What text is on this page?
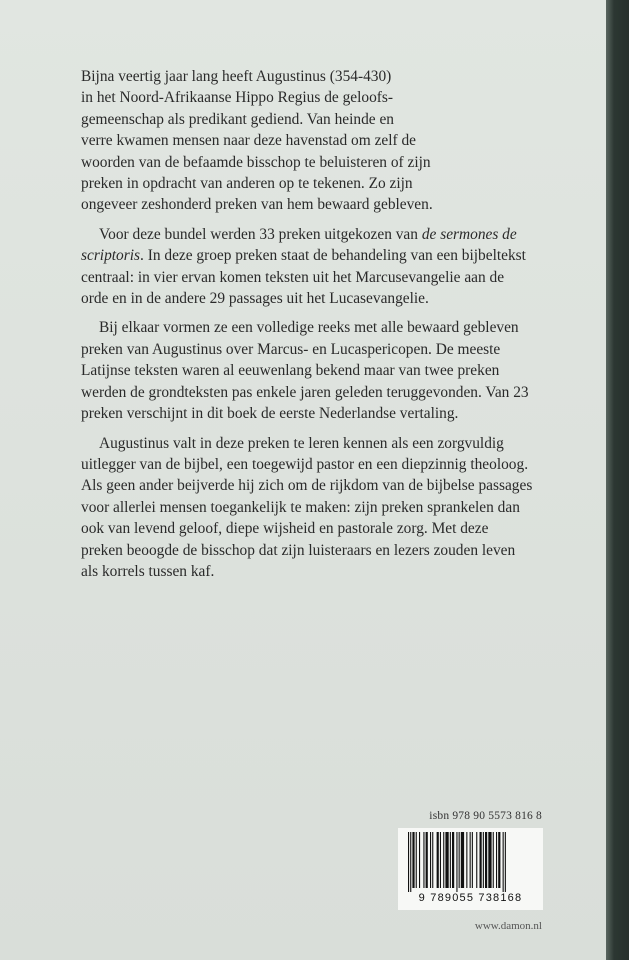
Bijna veertig jaar lang heeft Augustinus (354-430)
in het Noord-Afrikaanse Hippo Regius de geloofs-
gemeenschap als predikant gediend. Van heinde en
verre kwamen mensen naar deze havenstad om zelf de
woorden van de befaamde bisschop te beluisteren of zijn
preken in opdracht van anderen op te tekenen. Zo zijn
ongeveer zeshonderd preken van hem bewaard gebleven.

Voor deze bundel werden 33 preken uitgekozen van de sermones de scriptoris. In deze groep preken staat de behandeling van een bijbeltekst centraal: in vier ervan komen teksten uit het Marcusevangelie aan de orde en in de andere 29 passages uit het Lucasevangelie.

Bij elkaar vormen ze een volledige reeks met alle bewaard gebleven preken van Augustinus over Marcus- en Lucaspericopen. De meeste Latijnse teksten waren al eeuwenlang bekend maar van twee preken werden de grondteksten pas enkele jaren geleden teruggevonden. Van 23 preken verschijnt in dit boek de eerste Nederlandse vertaling.

Augustinus valt in deze preken te leren kennen als een zorgvuldig uitlegger van de bijbel, een toegewijd pastor en een diepzinnig theoloog. Als geen ander beijverde hij zich om de rijkdom van de bijbelse passages voor allerlei mensen toegankelijk te maken: zijn preken sprankelen dan ook van levend geloof, diepe wijsheid en pastorale zorg. Met deze preken beoogde de bisschop dat zijn luisteraars en lezers zouden leven als korrels tussen kaf.

isbn 978 90 5573 816 8
9 789055 738168
www.damon.nl
